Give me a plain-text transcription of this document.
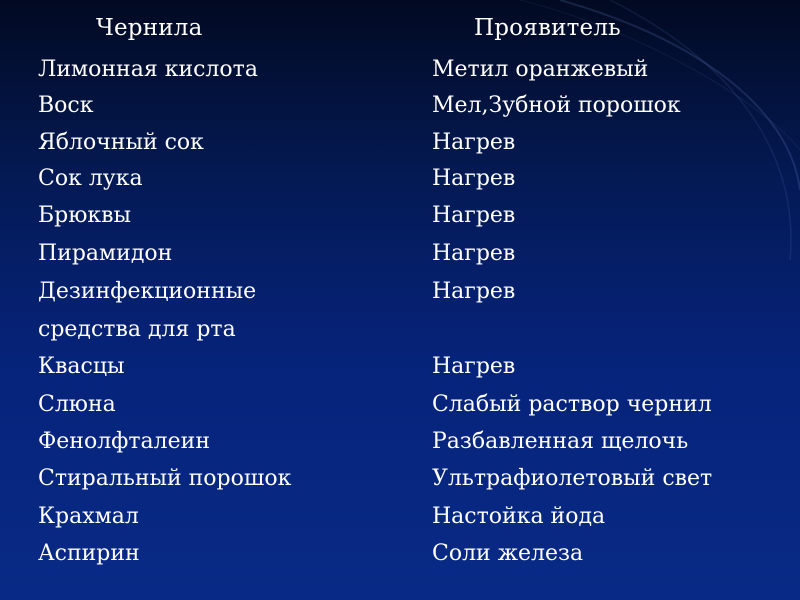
Чернила	Проявитель
Лимонная кислота	Метил оранжевый
Воск	Мел,Зубной порошок
Яблочный сок	Нагрев
Сок лука	Нагрев
Брюквы	Нагрев
Пирамидон	Нагрев
Дезинфекционные	Нагрев
средства для рта
Квасцы	Нагрев
Слюна	Слабый раствор чернил
Фенолфталеин	Разбавленная щелочь
Стиральный порошок	Ультрафиолетовый свет
Крахмал	Настойка йода
Аспирин	Соли железа
